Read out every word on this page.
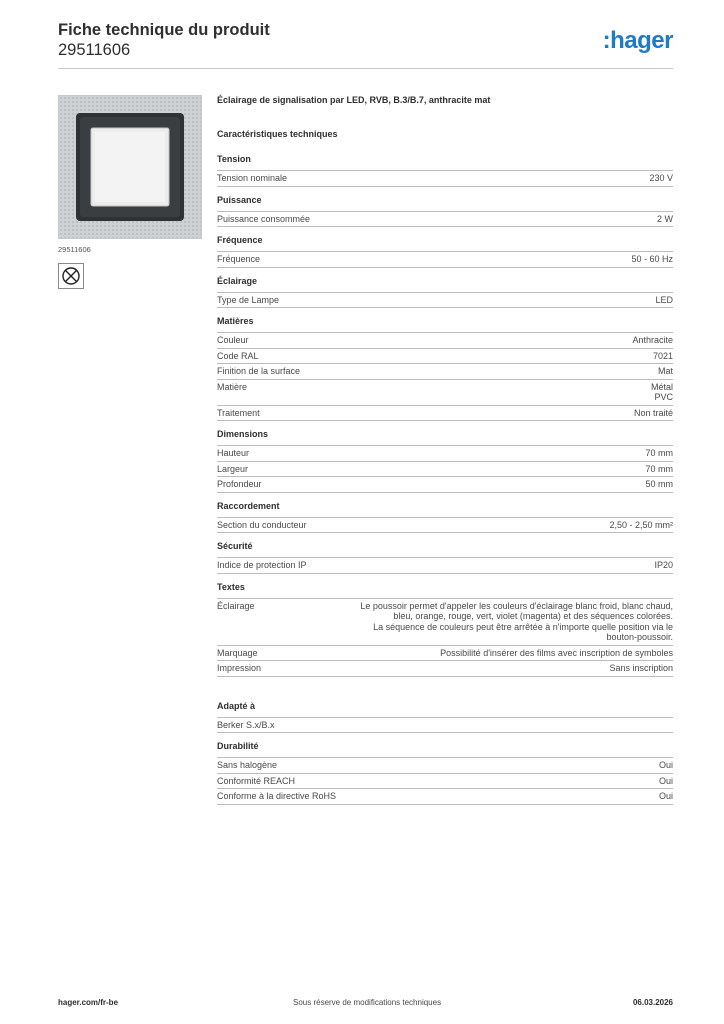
Fiche technique du produit
29511606	:hager
29511606
Éclairage de signalisation par LED, RVB, B.3/B.7, anthracite mat
Caractéristiques techniques
Tension
Tension nominale	230 V
Puissance
Puissance consommée	2 W
Fréquence
Fréquence	50 - 60 Hz
Éclairage
Type de Lampe	LED
Matières
Couleur	Anthracite
Code RAL	7021
Finition de la surface	Mat
Matière	Métal
PVC
Traitement	Non traité
Dimensions
Hauteur	70 mm
Largeur	70 mm
Profondeur	50 mm
Raccordement
Section du conducteur	2,50 - 2,50 mm²
Sécurité
Indice de protection IP	IP20
Textes
Éclairage	Le poussoir permet d'appeler les couleurs d'éclairage blanc froid, blanc chaud,
bleu, orange, rouge, vert, violet (magenta) et des séquences colorées.
La séquence de couleurs peut être arrêtée à n'importe quelle position via le
bouton-poussoir.
Marquage	Possibilité d'insérer des films avec inscription de symboles
Impression	Sans inscription
Adapté à
Berker S.x/B.x
Durabilité
Sans halogène	Oui
Conformité REACH	Oui
Conforme à la directive RoHS	Oui
hager.com/fr-be	Sous réserve de modifications techniques	06.03.2026
